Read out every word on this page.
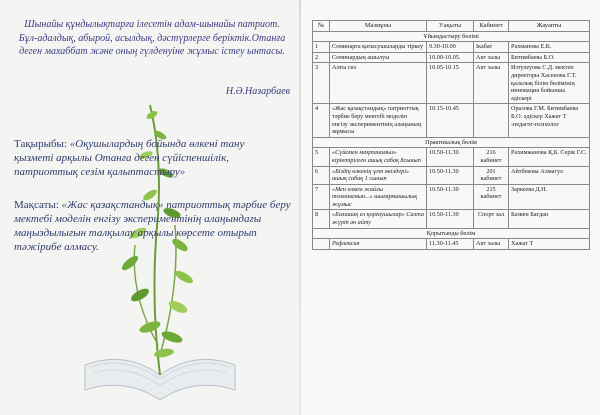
Шынайы құндылықтарға ілесетін адам-шынайы патриот. Бұл-адалдық, абырой, асылдық, дәстүрлерге беріктік.Отанға деген махаббат және оның гүлденуіне жұмыс істеу ынтасы.
Н.Ә.Назарбаев
Тақырыбы: «Оқушылардың бойында өлкені тану қызметі арқылы Отанға деген сүйіспеншілік, патриоттық сезім қалыптастыру»
Мақсаты: «Жас қазақстандық» патриоттық тәрбие беру мектебі моделін енгізу экспериментінің алаңындағы маңыздылығын талқылау арқылы көрсете отырып тәжірибе алмасу.
№	Мазмұны	Уақыты	Кабинет	Жауапты
Ұйымдастыру бөлімі				
1	Семинарға қатысушыларды тіркеу	9.30-10.00	Ікабат	Рахманова Е.К.
2	Семинардың ашылуы	10.00-10.05.	Акт залы	Битимбаева Б.О.
3	Алғы сөз	10.05-10.15	Акт залы	Изтулеуова С.Д. мектеп директоры Хасенова Г.Т. қалалық білім бөлімінің инновация бойынша әдіскері
4	«Жас қазақстандық» патриоттық тәрбие беру мектебі моделін енгізу экспериментінің алаңының жұмысы	10.15-10.45		Оразова Г.М. Битимбаева Б.О. әдіскер Хажат Т -педагог-психолог
Практикалық бөлім				
5	«Сүйемен мақтанамыз» кіріктірілген ашық сабақ 8сынып	10.50-11.30	216 кабинет	Рахимжанова Қ.Б. Серік Г.С.
6	«Біздің өлкенің ұлт өкілдері» ашық сабақ 1 сынып	10.50-11.30	201 кабинет	Айтбекова Алмагул
7	«Мен өлкем жайлы толғанамын...» шығармашылық жұмыс	10.50-11.30	215 кабинет	Заркеева Д.Н.
8	«Болашақ ел қорғаушылар» Салта жүріп ән айту	10.50-11.30	Спорт зал	Базкен Бағдан
Қорытынды бөлім				
	Рефлексия	11.30-11.45	Акт залы	Хажат Т
